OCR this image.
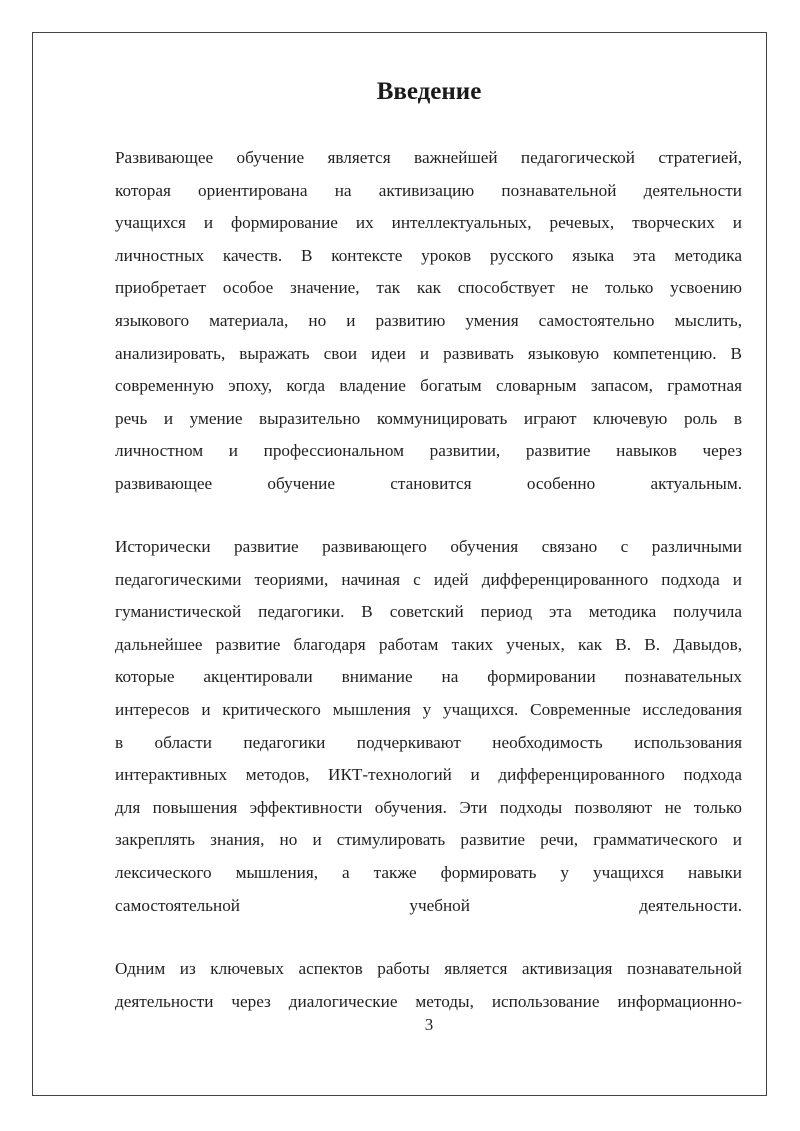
Введение
Развивающее обучение является важнейшей педагогической стратегией,
которая ориентирована на активизацию познавательной деятельности
учащихся и формирование их интеллектуальных, речевых, творческих и
личностных качеств. В контексте уроков русского языка эта методика
приобретает особое значение, так как способствует не только усвоению
языкового материала, но и развитию умения самостоятельно мыслить,
анализировать, выражать свои идеи и развивать языковую компетенцию. В
современную эпоху, когда владение богатым словарным запасом, грамотная
речь и умение выразительно коммуницировать играют ключевую роль в
личностном и профессиональном развитии, развитие навыков через
развивающее обучение становится особенно актуальным.
Исторически развитие развивающего обучения связано с различными
педагогическими теориями, начиная с идей дифференцированного подхода и
гуманистической педагогики. В советский период эта методика получила
дальнейшее развитие благодаря работам таких ученых, как В. В. Давыдов,
которые акцентировали внимание на формировании познавательных
интересов и критического мышления у учащихся. Современные исследования
в области педагогики подчеркивают необходимость использования
интерактивных методов, ИКТ-технологий и дифференцированного подхода
для повышения эффективности обучения. Эти подходы позволяют не только
закреплять знания, но и стимулировать развитие речи, грамматического и
лексического мышления, а также формировать у учащихся навыки
самостоятельной учебной деятельности.
Одним из ключевых аспектов работы является активизация познавательной
деятельности через диалогические методы, использование информационно-
3
